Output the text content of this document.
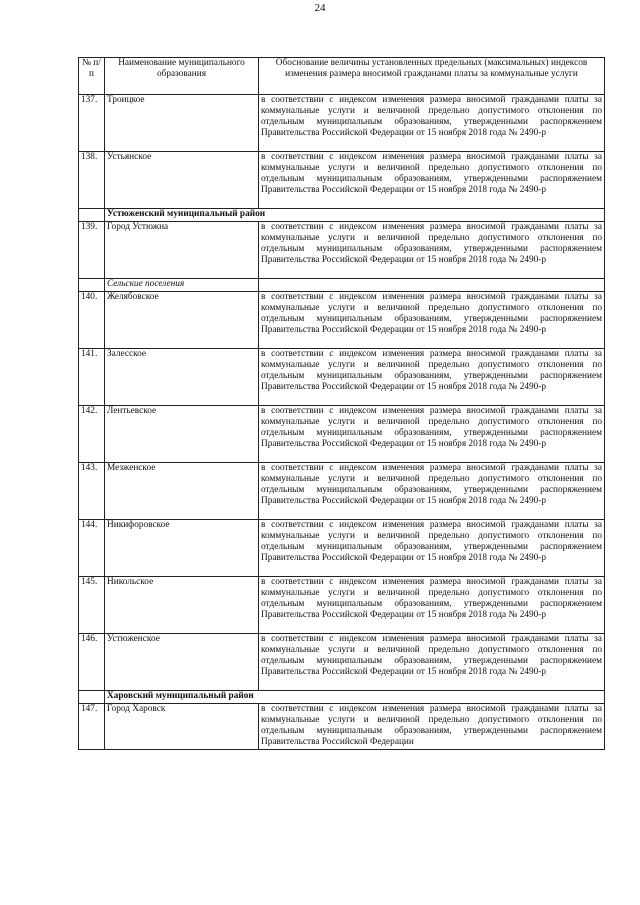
24
№ п/п	Наименование муниципального образования	Обоснование величины установленных предельных (максимальных) индексов изменения размера вносимой гражданами платы за коммунальные услуги
137.	Троицкое	в соответствии с индексом изменения размера вносимой гражданами платы за коммунальные услуги и величиной предельно допустимого отклонения по отдельным муниципальным образованиям, утвержденными распоряжением Правительства Российской Федерации от 15 ноября 2018 года № 2490-р
138.	Устьянское	в соответствии с индексом изменения размера вносимой гражданами платы за коммунальные услуги и величиной предельно допустимого отклонения по отдельным муниципальным образованиям, утвержденными распоряжением Правительства Российской Федерации от 15 ноября 2018 года № 2490-р
	Устюженский муниципальный район	
139.	Город Устюжна	в соответствии с индексом изменения размера вносимой гражданами платы за коммунальные услуги и величиной предельно допустимого отклонения по отдельным муниципальным образованиям, утвержденными распоряжением Правительства Российской Федерации от 15 ноября 2018 года № 2490-р
	Сельские поселения	
140.	Желябовское	в соответствии с индексом изменения размера вносимой гражданами платы за коммунальные услуги и величиной предельно допустимого отклонения по отдельным муниципальным образованиям, утвержденными распоряжением Правительства Российской Федерации от 15 ноября 2018 года № 2490-р
141.	Залесское	в соответствии с индексом изменения размера вносимой гражданами платы за коммунальные услуги и величиной предельно допустимого отклонения по отдельным муниципальным образованиям, утвержденными распоряжением Правительства Российской Федерации от 15 ноября 2018 года № 2490-р
142.	Лентьевское	в соответствии с индексом изменения размера вносимой гражданами платы за коммунальные услуги и величиной предельно допустимого отклонения по отдельным муниципальным образованиям, утвержденными распоряжением Правительства Российской Федерации от 15 ноября 2018 года № 2490-р
143.	Мезженское	в соответствии с индексом изменения размера вносимой гражданами платы за коммунальные услуги и величиной предельно допустимого отклонения по отдельным муниципальным образованиям, утвержденными распоряжением Правительства Российской Федерации от 15 ноября 2018 года № 2490-р
144.	Никифоровское	в соответствии с индексом изменения размера вносимой гражданами платы за коммунальные услуги и величиной предельно допустимого отклонения по отдельным муниципальным образованиям, утвержденными распоряжением Правительства Российской Федерации от 15 ноября 2018 года № 2490-р
145.	Никольское	в соответствии с индексом изменения размера вносимой гражданами платы за коммунальные услуги и величиной предельно допустимого отклонения по отдельным муниципальным образованиям, утвержденными распоряжением Правительства Российской Федерации от 15 ноября 2018 года № 2490-р
146.	Устюженское	в соответствии с индексом изменения размера вносимой гражданами платы за коммунальные услуги и величиной предельно допустимого отклонения по отдельным муниципальным образованиям, утвержденными распоряжением Правительства Российской Федерации от 15 ноября 2018 года № 2490-р
	Харовский муниципальный район	
147.	Город Харовск	в соответствии с индексом изменения размера вносимой гражданами платы за коммунальные услуги и величиной предельно допустимого отклонения по отдельным муниципальным образованиям, утвержденными распоряжением Правительства Российской Федерации
